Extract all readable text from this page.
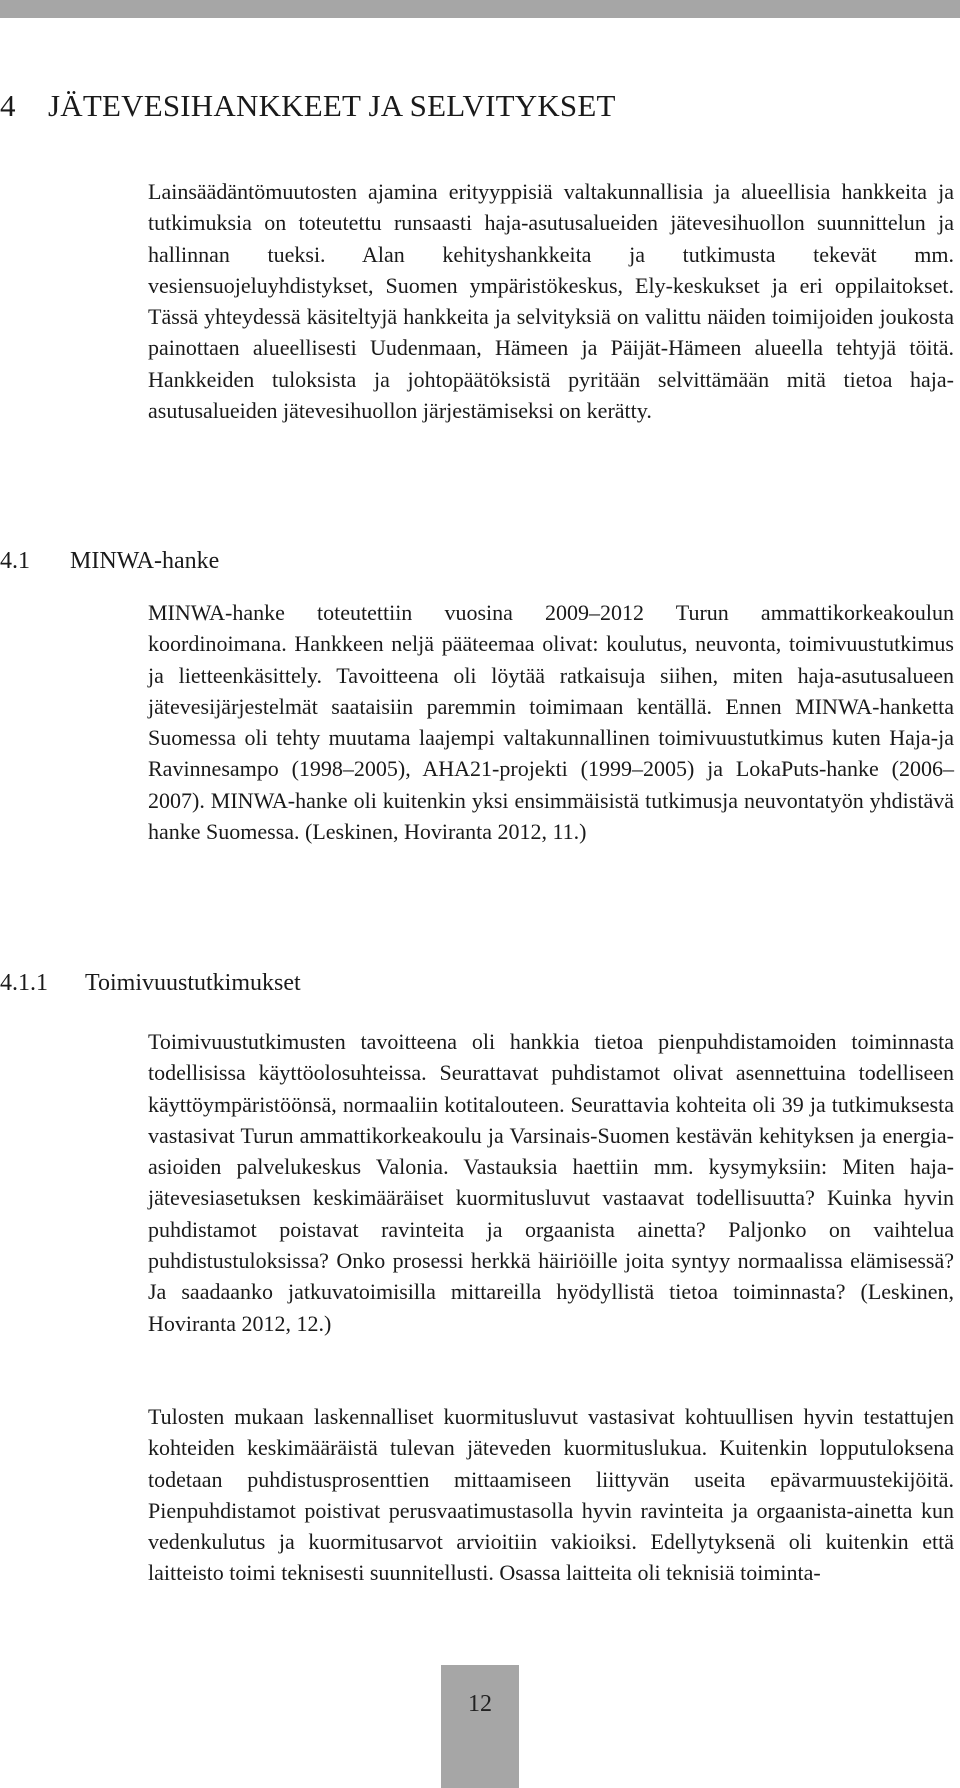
4 JÄTEVESIHANKKEET JA SELVITYKSET

Lainsäädäntömuutosten ajamina erityyppisiä valtakunnallisia ja alueellisia hankkeita ja tutkimuksia on toteutettu runsaasti haja-asutusalueiden jätevesihuollon suunnittelun ja hallinnan tueksi. Alan kehityshankkeita ja tutkimusta tekevät mm. vesiensuojeluyhdistykset, Suomen ympäristökeskus, Ely-keskukset ja eri oppilaitokset. Tässä yhteydessä käsiteltyjä hankkeita ja selvityksiä on valittu näiden toimijoiden joukosta painottaen alueellisesti Uudenmaan, Hämeen ja Päijät-Hämeen alueella tehtyjä töitä. Hankkeiden tuloksista ja johtopäätöksistä pyritään selvittämään mitä tietoa haja-asutusalueiden jätevesihuollon järjestämiseksi on kerätty.

4.1 MINWA-hanke

MINWA-hanke toteutettiin vuosina 2009–2012 Turun ammattikorkeakoulun koordinoimana. Hankkeen neljä pääteemaa olivat: koulutus, neuvonta, toimivuustutkimus ja lietteenkäsittely. Tavoitteena oli löytää ratkaisuja siihen, miten haja-asutusalueen jätevesijärjestelmät saataisiin paremmin toimimaan kentällä. Ennen MINWA-hanketta Suomessa oli tehty muutama laajempi valtakunnallinen toimivuustutkimus kuten Haja-ja Ravinnesampo (1998–2005), AHA21-projekti (1999–2005) ja LokaPuts-hanke (2006–2007). MINWA-hanke oli kuitenkin yksi ensimmäisistä tutkimusja neuvontatyön yhdistävä hanke Suomessa. (Leskinen, Hoviranta 2012, 11.)

4.1.1 Toimivuustutkimukset

Toimivuustutkimusten tavoitteena oli hankkia tietoa pienpuhdistamoiden toiminnasta todellisissa käyttöolosuhteissa. Seurattavat puhdistamot olivat asennettuina todelliseen käyttöympäristöönsä, normaaliin kotitalouteen. Seurattavia kohteita oli 39 ja tutkimuksesta vastasivat Turun ammattikorkeakoulu ja Varsinais-Suomen kestävän kehityksen ja energia-asioiden palvelukeskus Valonia. Vastauksia haettiin mm. kysymyksiin: Miten haja-jätevesiasetuksen keskimääräiset kuormitusluvut vastaavat todellisuutta? Kuinka hyvin puhdistamot poistavat ravinteita ja orgaanista ainetta? Paljonko on vaihtelua puhdistustuloksissa? Onko prosessi herkkä häiriöille joita syntyy normaalissa elämisessä? Ja saadaanko jatkuvatoimisilla mittareilla hyödyllistä tietoa toiminnasta? (Leskinen, Hoviranta 2012, 12.)

Tulosten mukaan laskennalliset kuormitusluvut vastasivat kohtuullisen hyvin testattujen kohteiden keskimääräistä tulevan jäteveden kuormituslukua. Kuitenkin lopputuloksena todetaan puhdistusprosenttien mittaamiseen liittyvän useita epävarmuustekijöitä. Pienpuhdistamot poistivat perusvaatimustasolla hyvin ravinteita ja orgaanista-ainetta kun vedenkulutus ja kuormitusarvot arvioitiin vakioiksi. Edellytyksenä oli kuitenkin että laitteisto toimi teknisesti suunnitellusti. Osassa laitteita oli teknisiä toiminta-

12
